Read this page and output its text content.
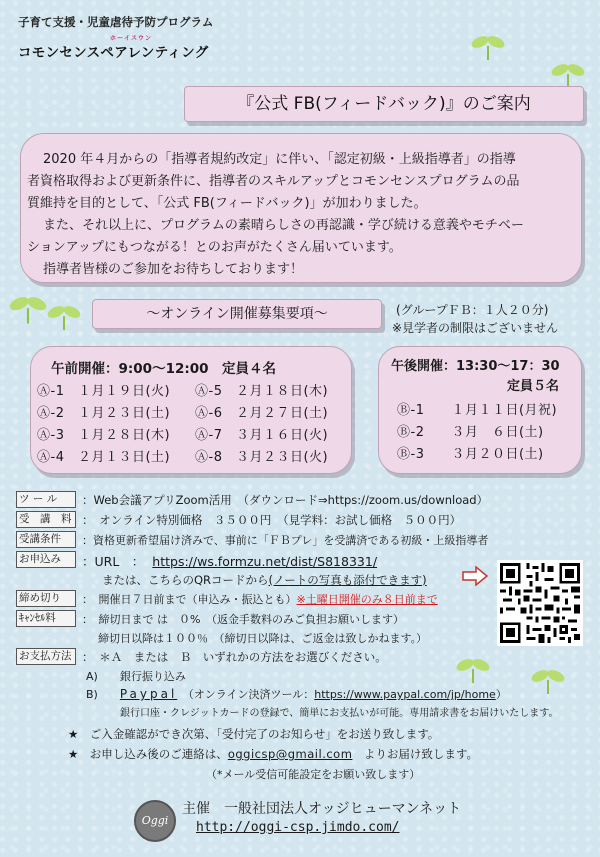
子育て支援・児童虐待予防プログラム
ホーイスウン
コモンセンスペアレンティング
『公式 FB(フィードバック)』のご案内
2020 年４月からの「指導者規約改定」に伴い、「認定初級・上級指導者」の指導
者資格取得および更新条件に、指導者のスキルアップとコモンセンスプログラムの品
質維持を目的として、「公式 FB(フィードバック)」が加わりました。
また、それ以上に、プログラムの素晴らしさの再認識・学び続ける意義やモチベー
ションアップにもつながる！とのお声がたくさん届いています。
指導者皆様のご参加をお待ちしております！
～オンライン開催募集要項～	(グループＦＢ：１人２０分)
※見学者の制限はございません
午前開催：9:00～12:00　定員４名
Ⓐ-1　１月１９日(火)
Ⓐ-2　１月２３日(土)
Ⓐ-3　１月２８日(木)
Ⓐ-4　２月１３日(土)
Ⓐ-5　２月１８日(木)
Ⓐ-6　２月２７日(土)
Ⓐ-7　３月１６日(火)
Ⓐ-8　３月２３日(火)
午後開催：13:30～17：30
定員５名
Ⓑ-1　　１月１１日(月祝)
Ⓑ-2　　３月　６日(土)
Ⓑ-3　　３月２０日(土)
ツ ー ル	：Web会議アプリZoom活用　（ダウンロード⇒https://zoom.us/download）
受　講　料 ：　オンライン特別価格　３５００円　（見学料：お試し価格　５００円）
受講条件	：資格更新希望届け済みで、事前に「ＦＢプレ」を受講済である初級・上級指導者
お申込み	：URL　： https://ws.formzu.net/dist/S818331/
または、こちらのQRコードから(ノートの写真も添付できます)
締め切り	：　開催日７日前まで（申込み・振込とも）※土曜日開催のみ８日前まで
ｷｬﾝｾﾙ料	：　締切日まで は　０%　（返金手数料のみご負担お願いします）
締切日以降は１００％　（締切日以降は、ご返金は致しかねます。）
お支払方法 ：　＊Ａ　または　Ｂ　いずれかの方法をお選びください。
A)　　銀行振り込み
B)　　Paypal　（オンライン決済ツール：https://www.paypal.com/jp/home）
銀行口座・クレジットカードの登録で、簡単にお支払いが可能。専用請求書をお届けいたします。
★　ご入金確認ができ次第、「受付完了のお知らせ」をお送り致します。
★　お申し込み後のご連絡は、oggicsp@gmail.com　よりお届け致します。
（*メール受信可能設定をお願い致します）
Oggi
主催　一般社団法人オッジヒューマンネット
http://oggi-csp.jimdo.com/
